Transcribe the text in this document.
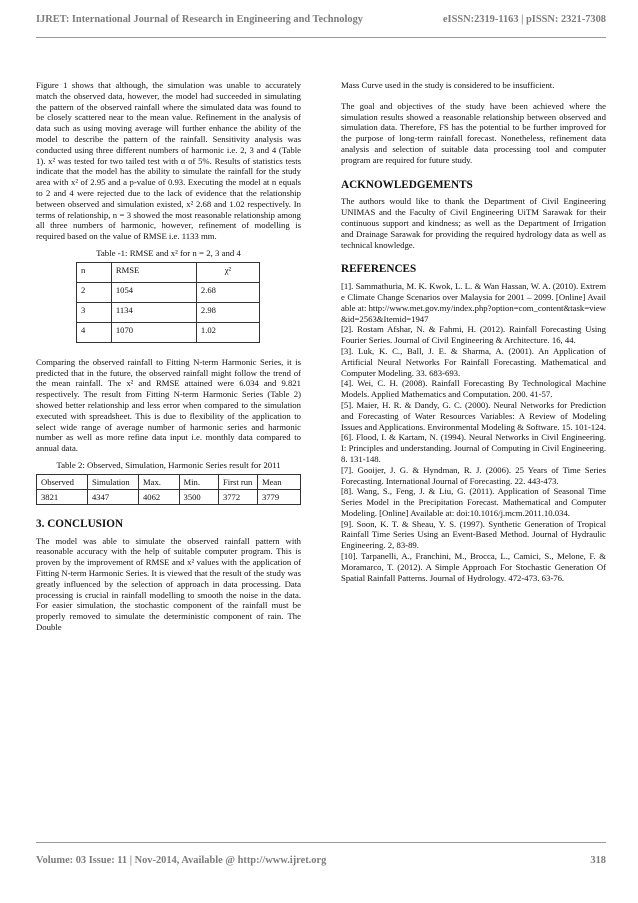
IJRET: International Journal of Research in Engineering and Technology	eISSN:2319-1163 | pISSN: 2321-7308

Figure 1 shows that although, the simulation was unable to accurately match the observed data, however, the model had succeeded in simulating the pattern of the observed rainfall where the simulated data was found to be closely scattered near to the mean value. Refinement in the analysis of data such as using moving average will further enhance the ability of the model to describe the pattern of the rainfall. Sensitivity analysis was conducted using three different numbers of harmonic i.e. 2, 3 and 4 (Table 1). x² was tested for two tailed test with α of 5%. Results of statistics tests indicate that the model has the ability to simulate the rainfall for the study area with x² of 2.95 and a p-value of 0.93. Executing the model at n equals to 2 and 4 were rejected due to the lack of evidence that the relationship between observed and simulation existed, x² 2.68 and 1.02 respectively. In terms of relationship, n = 3 showed the most reasonable relationship among all three numbers of harmonic, however, refinement of modelling is required based on the value of RMSE i.e. 1133 mm.

Table -1: RMSE and x² for n = 2, 3 and 4
n	RMSE	χ²
2	1054	2.68
3	1134	2.98
4	1070	1.02

Comparing the observed rainfall to Fitting N-term Harmonic Series, it is predicted that in the future, the observed rainfall might follow the trend of the mean rainfall. The x² and RMSE attained were 6.034 and 9.821 respectively. The result from Fitting N-term Harmonic Series (Table 2) showed better relationship and less error when compared to the simulation executed with spreadsheet. This is due to flexibility of the application to select wide range of average number of harmonic series and harmonic number as well as more refine data input i.e. monthly data compared to annual data.

Table 2: Observed, Simulation, Harmonic Series result for 2011
Observed	Simulation	Max.	Min.	First run	Mean
3821	4347	4062	3500	3772	3779
3. CONCLUSION

The model was able to simulate the observed rainfall pattern with reasonable accuracy with the help of suitable computer program. This is proven by the improvement of RMSE and x² values with the application of Fitting N-term Harmonic Series. It is viewed that the result of the study was greatly influenced by the selection of approach in data processing. Data processing is crucial in rainfall modelling to smooth the noise in the data. For easier simulation, the stochastic component of the rainfall must be properly removed to simulate the deterministic component of rain. The Double

Mass Curve used in the study is considered to be insufficient.

The goal and objectives of the study have been achieved where the simulation results showed a reasonable relationship between observed and simulation data. Therefore, FS has the potential to be further improved for the purpose of long-term rainfall forecast. Nonetheless, refinement data analysis and selection of suitable data processing tool and computer program are required for future study.

ACKNOWLEDGEMENTS

The authors would like to thank the Department of Civil Engineering UNIMAS and the Faculty of Civil Engineering UiTM Sarawak for their continuous support and kindness; as well as the Department of Irrigation and Drainage Sarawak for providing the required hydrology data as well as technical knowledge.

REFERENCES

[1]. Sammathuria, M. K. Kwok, L. L. & Wan Hassan, W. A. (2010). Extreme Climate Change Scenarios over Malaysia for 2001 – 2099. [Online] Available at: http://www.met.gov.my/index.php?option=com_content&task=view&id=2563&Itemid=1947

[2]. Rostam Afshar, N. & Fahmi, H. (2012). Rainfall Forecasting Using Fourier Series. Journal of Civil Engineering & Architecture. 16, 44.

[3]. Luk, K. C., Ball, J. E. & Sharma, A. (2001). An Application of Artificial Neural Networks For Rainfall Forecasting. Mathematical and Computer Modeling. 33. 683-693.

[4]. Wei, C. H. (2008). Rainfall Forecasting By Technological Machine Models. Applied Mathematics and Computation. 200. 41-57.

[5]. Maier, H. R. & Dandy, G. C. (2000). Neural Networks for Prediction and Forecasting of Water Resources Variables: A Review of Modeling Issues and Applications. Environmental Modeling & Software. 15. 101-124.

[6]. Flood, I. & Kartam, N. (1994). Neural Networks in Civil Engineering. I: Principles and understanding. Journal of Computing in Civil Engineering. 8. 131-148.

[7]. Gooijer, J. G. & Hyndman, R. J. (2006). 25 Years of Time Series Forecasting. International Journal of Forecasting. 22. 443-473.

[8]. Wang, S., Feng, J. & Liu, G. (2011). Application of Seasonal Time Series Model in the Precipitation Forecast. Mathematical and Computer Modeling. [Online] Available at: doi:10.1016/j.mcm.2011.10.034.

[9]. Soon, K. T. & Sheau, Y. S. (1997). Synthetic Generation of Tropical Rainfall Time Series Using an Event-Based Method. Journal of Hydraulic Engineering. 2, 83-89.

[10]. Tarpanelli, A., Franchini, M., Brocca, L., Camici, S., Melone, F. & Moramarco, T. (2012). A Simple Approach For Stochastic Generation Of Spatial Rainfall Patterns. Journal of Hydrology. 472-473. 63-76.

Volume: 03 Issue: 11 | Nov-2014, Available @ http://www.ijret.org	318
